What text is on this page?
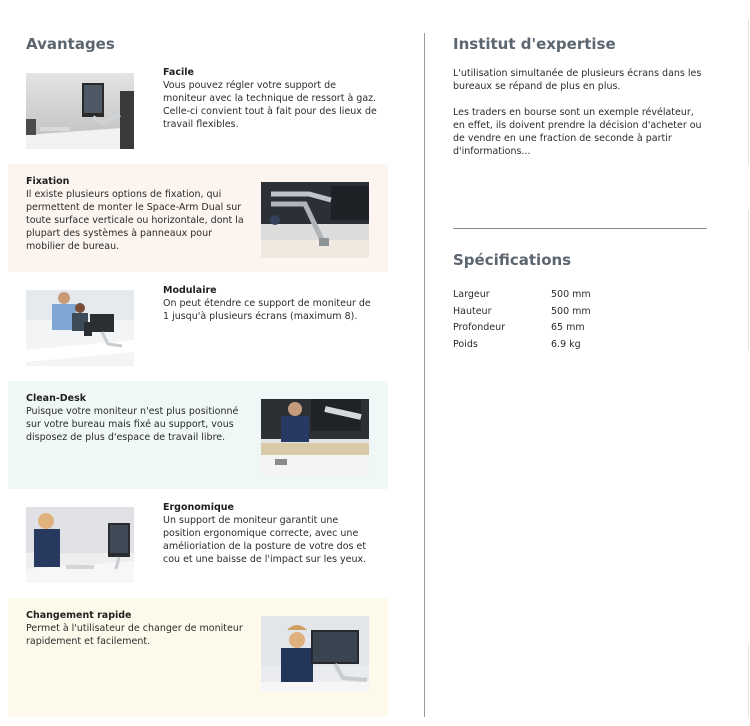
Avantages
Facile
Vous pouvez régler votre support de moniteur avec la technique de ressort à gaz. Celle-ci convient tout à fait pour des lieux de travail flexibles.
Fixation
Il existe plusieurs options de fixation, qui permettent de monter le Space-Arm Dual sur toute surface verticale ou horizontale, dont la plupart des systèmes à panneaux pour mobilier de bureau.
Modulaire
On peut étendre ce support de moniteur de 1 jusqu'à plusieurs écrans (maximum 8).
Clean-Desk
Puisque votre moniteur n'est plus positionné sur votre bureau mais fixé au support, vous disposez de plus d'espace de travail libre.
Ergonomique
Un support de moniteur garantit une position ergonomique correcte, avec une amélioriation de la posture de votre dos et cou et une baisse de l'impact sur les yeux.
Changement rapide
Permet à l'utilisateur de changer de moniteur rapidement et facilement.
Institut d'expertise
L'utilisation simultanée de plusieurs écrans dans les bureaux se répand de plus en plus.
Les traders en bourse sont un exemple révélateur, en effet, ils doivent prendre la décision d'acheter ou de vendre en une fraction de seconde à partir d'informations...
Spécifications
Largeur	500 mm
Hauteur	500 mm
Profondeur	65 mm
Poids	6.9 kg
